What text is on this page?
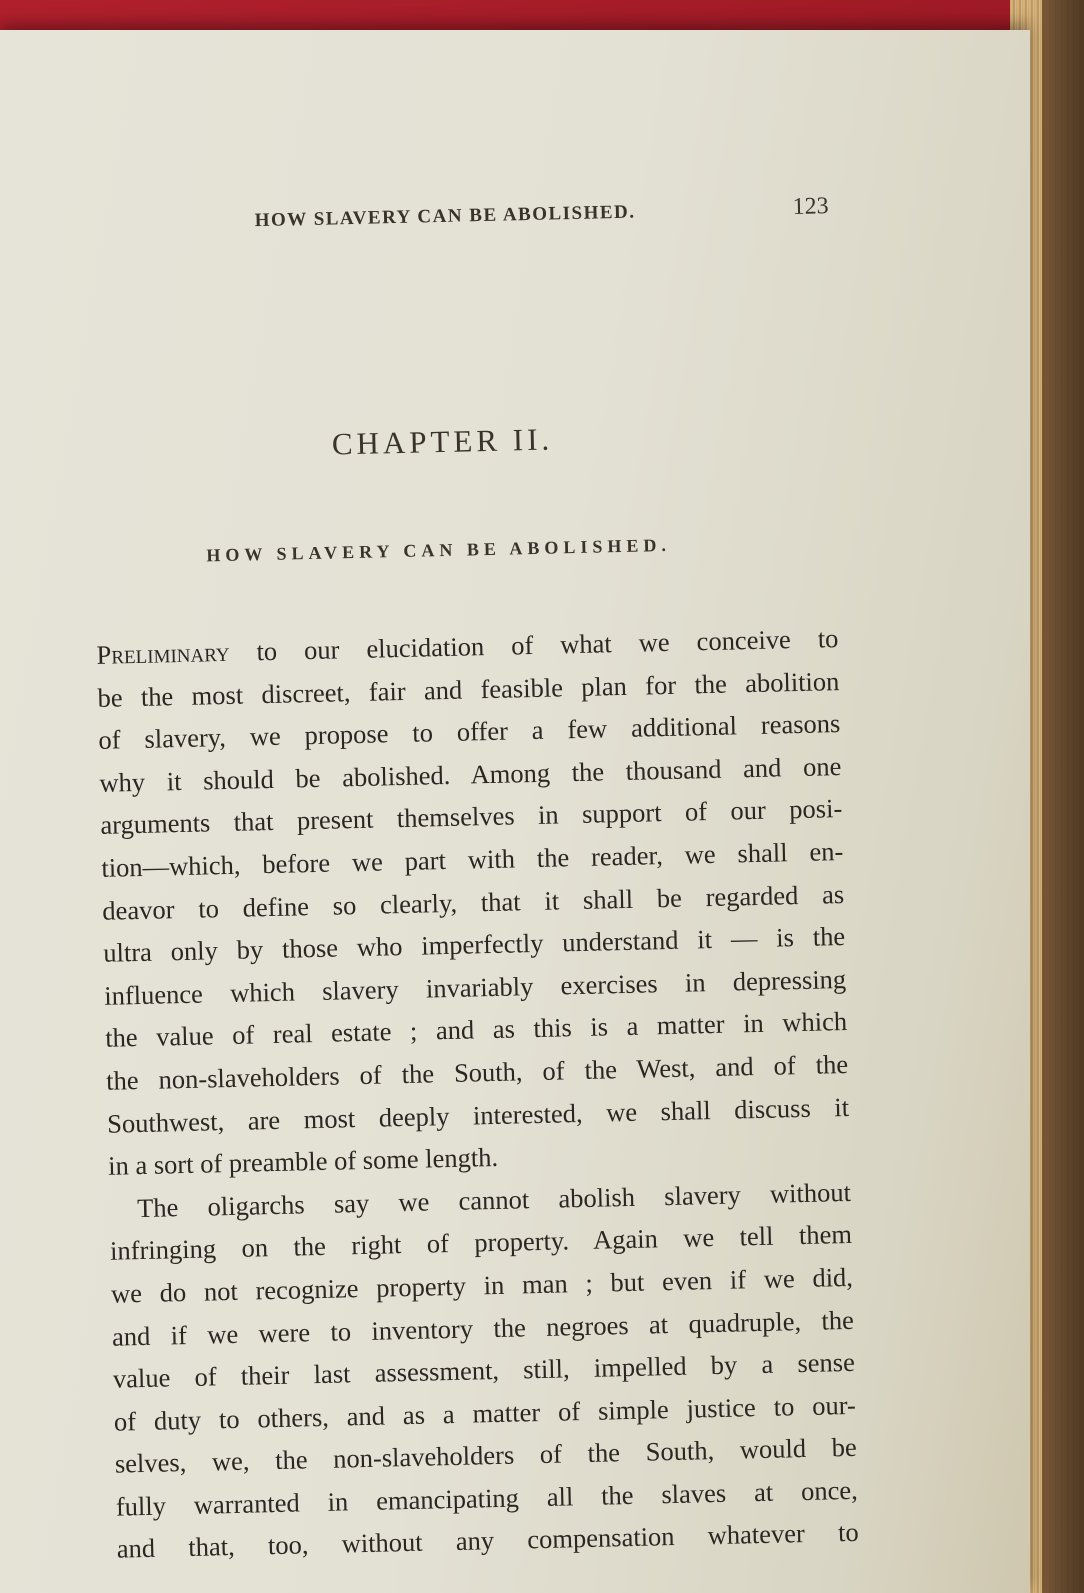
HOW SLAVERY CAN BE ABOLISHED.	123
CHAPTER II.
HOW SLAVERY CAN BE ABOLISHED.
Preliminary to our elucidation of what we conceive to
be the most discreet, fair and feasible plan for the abolition
of slavery, we propose to offer a few additional reasons
why it should be abolished. Among the thousand and one
arguments that present themselves in support of our posi-
tion—which, before we part with the reader, we shall en-
deavor to define so clearly, that it shall be regarded as
ultra only by those who imperfectly understand it — is the
influence which slavery invariably exercises in depressing
the value of real estate ; and as this is a matter in which
the non-slaveholders of the South, of the West, and of the
Southwest, are most deeply interested, we shall discuss it
in a sort of preamble of some length.
The oligarchs say we cannot abolish slavery without
infringing on the right of property. Again we tell them
we do not recognize property in man ; but even if we did,
and if we were to inventory the negroes at quadruple, the
value of their last assessment, still, impelled by a sense
of duty to others, and as a matter of simple justice to our-
selves, we, the non-slaveholders of the South, would be
fully warranted in emancipating all the slaves at once,
and that, too, without any compensation whatever to
